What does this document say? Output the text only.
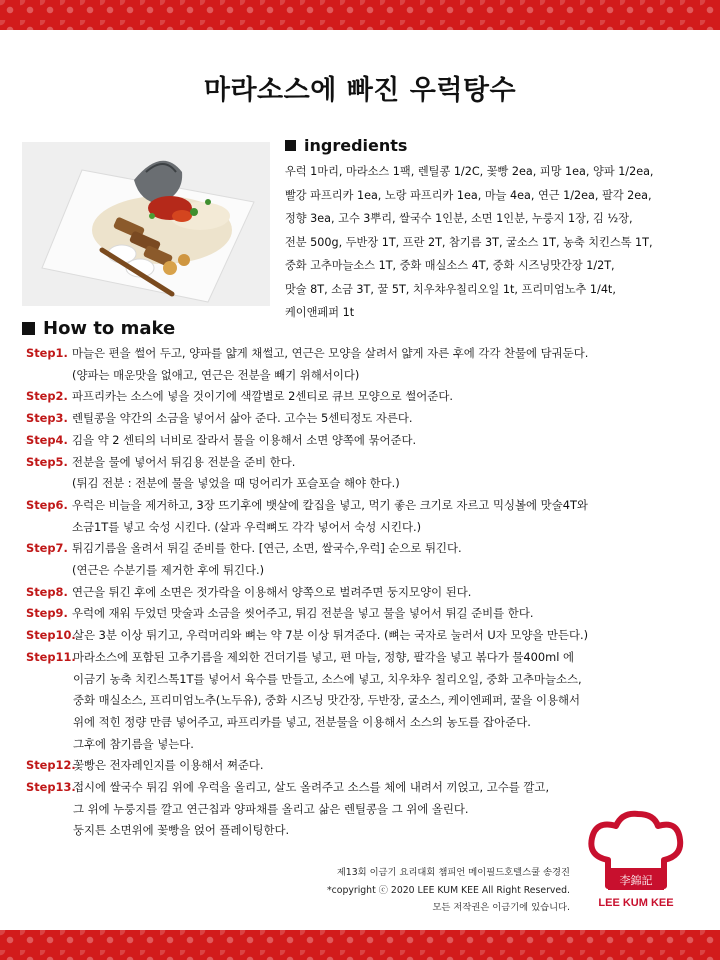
마라소스에 빠진 우럭탕수
ingredients
우럭 1마리, 마라소스 1팩, 렌틸콩 1/2C, 꽃빵 2ea, 피망 1ea, 양파 1/2ea,
빨강 파프리카 1ea, 노랑 파프리카 1ea, 마늘 4ea, 연근 1/2ea, 팔각 2ea,
정향 3ea, 고수 3뿌리, 쌀국수 1인분, 소면 1인분, 누룽지 1장, 김 ½장,
전분 500g, 두반장 1T, 프란 2T, 참기름 3T, 굴소스 1T, 농축 치킨스톡 1T,
중화 고추마늘소스 1T, 중화 매실소스 4T, 중화 시즈닝맛간장 1/2T,
맛술 8T, 소금 3T, 꿀 5T, 치우챠우칠리오일 1t, 프리미엄노추 1/4t,
케이앤페퍼 1t
How to make
Step1. 마늘은 편을 썰어 두고, 양파를 얇게 채썰고, 연근은 모양을 살려서 얇게 자른 후에 각각 찬물에 담궈둔다.
(양파는 매운맛을 없애고, 연근은 전분을 빼기 위해서이다)
Step2. 파프리카는 소스에 넣을 것이기에 색깔별로 2센티로 큐브 모양으로 썰어준다.
Step3. 렌틸콩을 약간의 소금을 넣어서 삶아 준다. 고수는 5센티정도 자른다.
Step4. 김을 약 2 센티의 너비로 잘라서 물을 이용해서 소면 양쪽에 묶어준다.
Step5. 전분을 물에 넣어서 튀김용 전분을 준비 한다.
(튀김 전분 : 전분에 물을 넣었을 때 덩어리가 포슬포슬 해야 한다.)
Step6. 우럭은 비늘을 제거하고, 3장 뜨기후에 뱃살에 칼집을 넣고, 먹기 좋은 크기로 자르고 믹싱볼에 맛술4T와
소금1T를 넣고 숙성 시킨다. (살과 우럭뼈도 각각 넣어서 숙성 시킨다.)
Step7. 튀김기름을 올려서 튀길 준비를 한다. [연근, 소면, 쌀국수,우럭] 순으로 튀긴다.
(연근은 수분기를 제거한 후에 튀긴다.)
Step8. 연근을 튀긴 후에 소면은 젓가락을 이용해서 양쪽으로 벌려주면 둥지모양이 된다.
Step9. 우럭에 재워 두었던 맛술과 소금을 씻어주고, 튀김 전분을 넣고 물을 넣어서 튀길 준비를 한다.
Step10.
살은 3분 이상 튀기고, 우럭머리와 뼈는 약 7분 이상 튀겨준다. (뼈는 국자로 눌러서 U자 모양을 만든다.)
Step11.
마라소스에 포함된 고추기름을 제외한 건더기를 넣고, 편 마늘, 정향, 팔각을 넣고 볶다가 물400ml 에
이금기 농축 치킨스톡1T를 넣어서 육수를 만들고, 소스에 넣고, 치우챠우 칠리오일, 중화 고추마늘소스,
중화 매실소스, 프리미엄노추(노두유), 중화 시즈닝 맛간장, 두반장, 굴소스, 케이엔페퍼, 꿀을 이용해서
위에 적힌 정량 만큼 넣어주고, 파프리카를 넣고, 전분물을 이용해서 소스의 농도를 잡아준다.
그후에 참기름을 넣는다.
Step12.
꽃빵은 전자레인지를 이용해서 쪄준다.
Step13.
접시에 쌀국수 튀김 위에 우럭을 올리고, 살도 올려주고 소스를 체에 내려서 끼얹고, 고수를 깔고,
그 위에 누룽지를 깔고 연근칩과 양파채를 올리고 삶은 렌틸콩을 그 위에 올린다.
둥지튼 소면위에 꽃빵을 얹어 플레이팅한다.
제13회 이금기 요리대회 챔피언 메이필드호텔스쿨 송경진
*copyright ⓒ 2020 LEE KUM KEE All Right Reserved.
모든 저작권은 이금기에 있습니다.
李錦記
LEE KUM KEE
